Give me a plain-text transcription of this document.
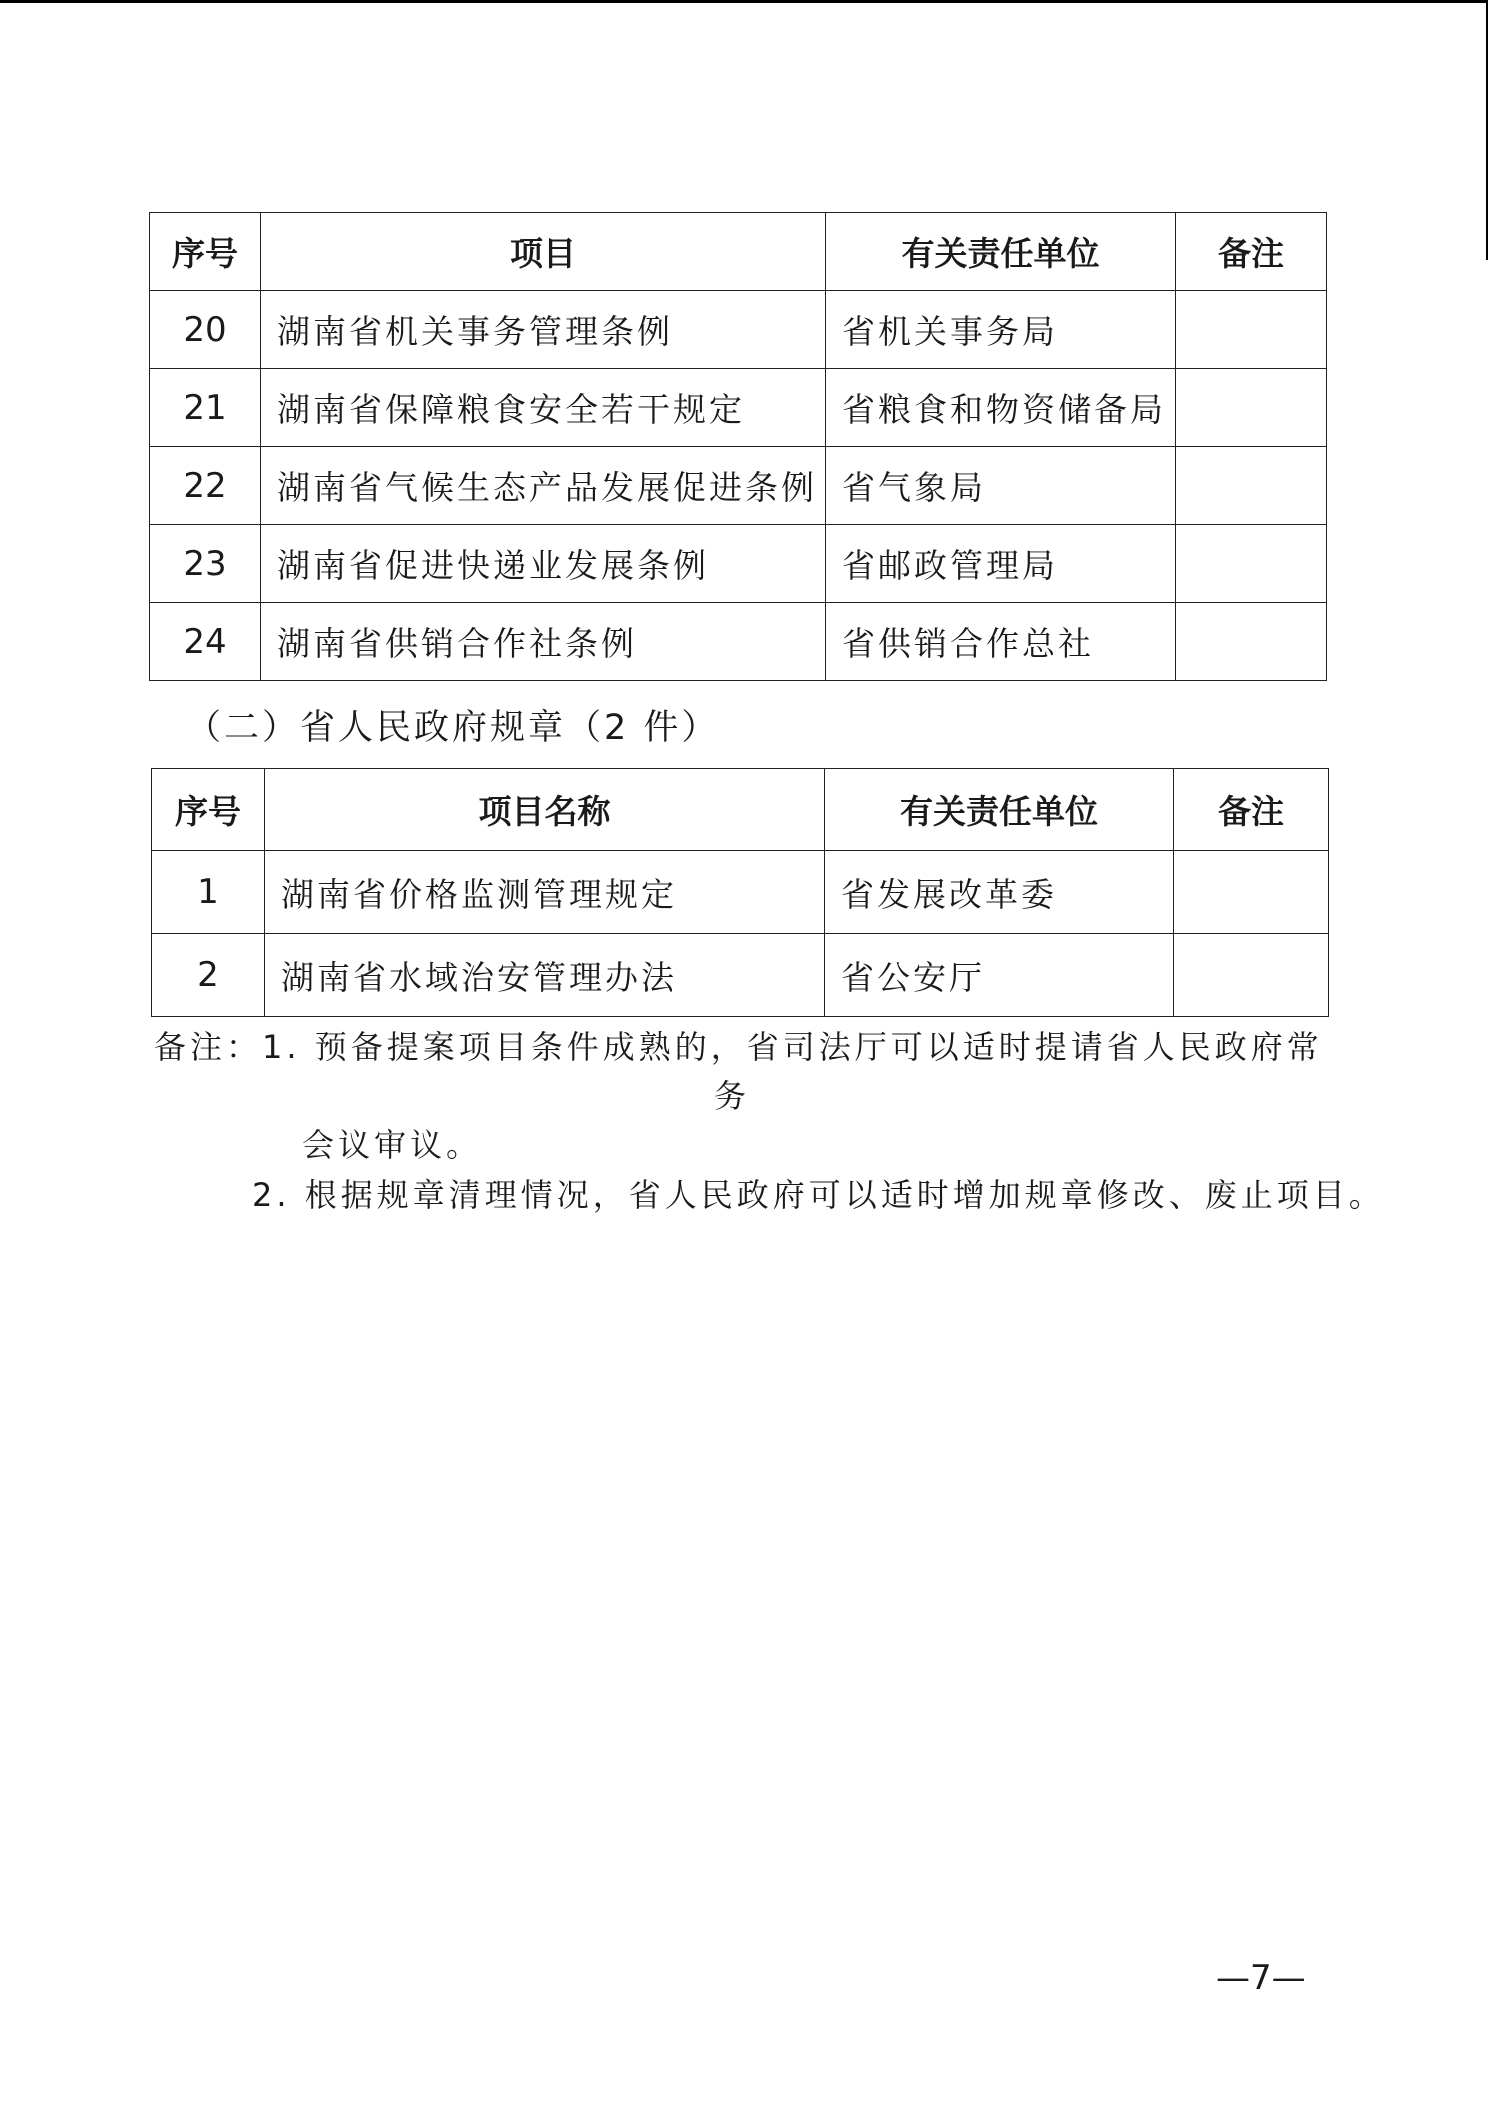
序号	项目	有关责任单位	备注
20	湖南省机关事务管理条例	省机关事务局	
21	湖南省保障粮食安全若干规定	省粮食和物资储备局	
22	湖南省气候生态产品发展促进条例	省气象局	
23	湖南省促进快递业发展条例	省邮政管理局	
24	湖南省供销合作社条例	省供销合作总社	
（二）省人民政府规章（2 件）
序号	项目名称	有关责任单位	备注
1	湖南省价格监测管理规定	省发展改革委	
2	湖南省水域治安管理办法	省公安厅	
备注：1. 预备提案项目条件成熟的，省司法厅可以适时提请省人民政府常
务
会议审议。
2. 根据规章清理情况，省人民政府可以适时增加规章修改、废止项目。
—7—
